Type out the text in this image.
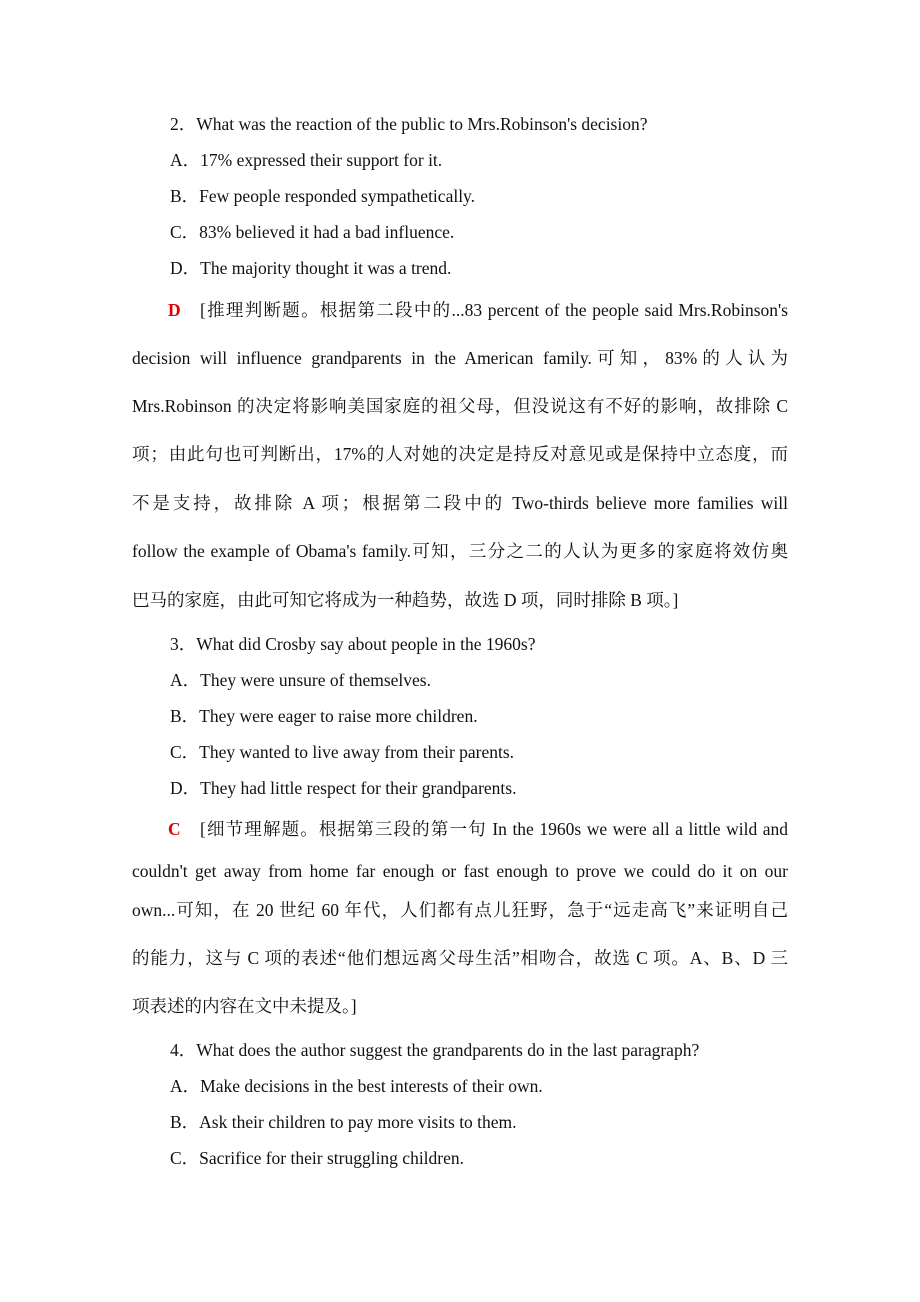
2．What was the reaction of the public to Mrs.Robinson's decision?
A．17% expressed their support for it.
B．Few people responded sympathetically.
C．83% believed it had a bad influence.
D．The majority thought it was a trend.
D [推理判断题。根据第二段中的...83 percent of the people said Mrs.Robinson's
decision will influence grandparents in the American family.可知，83%的人认为
Mrs.Robinson 的决定将影响美国家庭的祖父母，但没说这有不好的影响，故排除 C
项；由此句也可判断出，17%的人对她的决定是持反对意见或是保持中立态度，而
不是支持，故排除 A 项；根据第二段中的 Two-thirds believe more families will
follow the example of Obama's family.可知，三分之二的人认为更多的家庭将效仿奥
巴马的家庭，由此可知它将成为一种趋势，故选 D 项，同时排除 B 项。]
3．What did Crosby say about people in the 1960s?
A．They were unsure of themselves.
B．They were eager to raise more children.
C．They wanted to live away from their parents.
D．They had little respect for their grandparents.
C [细节理解题。根据第三段的第一句 In the 1960s we were all a little wild and
couldn't get away from home far enough or fast enough to prove we could do it on our
own...可知，在 20 世纪 60 年代，人们都有点儿狂野，急于“远走高飞”来证明自己
的能力，这与 C 项的表述“他们想远离父母生活”相吻合，故选 C 项。A、B、D 三
项表述的内容在文中未提及。]
4．What does the author suggest the grandparents do in the last paragraph?
A．Make decisions in the best interests of their own.
B．Ask their children to pay more visits to them.
C．Sacrifice for their struggling children.
